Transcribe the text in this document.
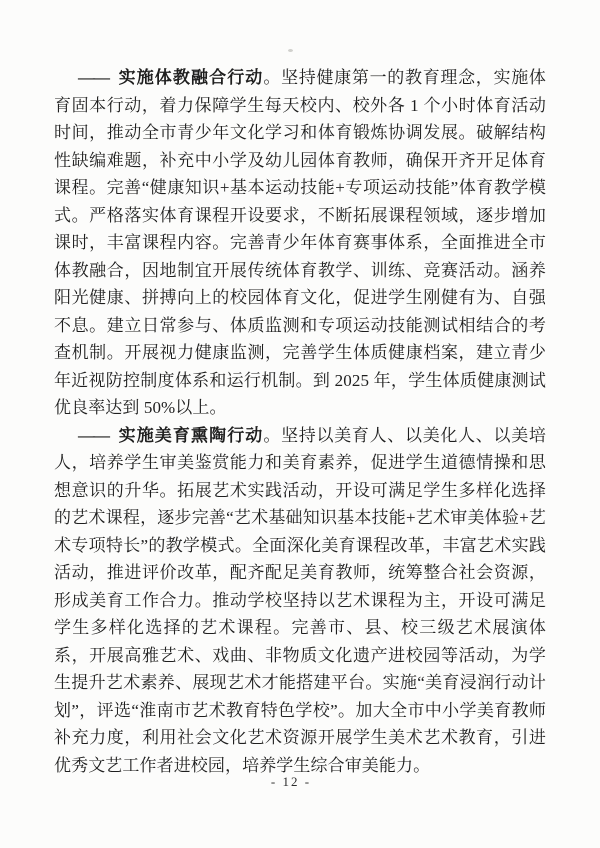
—— 实施体教融合行动。坚持健康第一的教育理念，实施体育固本行动，着力保障学生每天校内、校外各 1 个小时体育活动时间，推动全市青少年文化学习和体育锻炼协调发展。破解结构性缺编难题，补充中小学及幼儿园体育教师，确保开齐开足体育课程。完善“健康知识+基本运动技能+专项运动技能”体育教学模式。严格落实体育课程开设要求，不断拓展课程领域，逐步增加课时，丰富课程内容。完善青少年体育赛事体系，全面推进全市体教融合，因地制宜开展传统体育教学、训练、竞赛活动。涵养阳光健康、拼搏向上的校园体育文化，促进学生刚健有为、自强不息。建立日常参与、体质监测和专项运动技能测试相结合的考查机制。开展视力健康监测，完善学生体质健康档案，建立青少年近视防控制度体系和运行机制。到 2025 年，学生体质健康测试优良率达到 50%以上。

—— 实施美育熏陶行动。坚持以美育人、以美化人、以美培人，培养学生审美鉴赏能力和美育素养，促进学生道德情操和思想意识的升华。拓展艺术实践活动，开设可满足学生多样化选择的艺术课程，逐步完善“艺术基础知识基本技能+艺术审美体验+艺术专项特长”的教学模式。全面深化美育课程改革，丰富艺术实践活动，推进评价改革，配齐配足美育教师，统筹整合社会资源，形成美育工作合力。推动学校坚持以艺术课程为主，开设可满足学生多样化选择的艺术课程。完善市、县、校三级艺术展演体系，开展高雅艺术、戏曲、非物质文化遗产进校园等活动，为学生提升艺术素养、展现艺术才能搭建平台。实施“美育浸润行动计划”，评选“淮南市艺术教育特色学校”。加大全市中小学美育教师补充力度，利用社会文化艺术资源开展学生美术艺术教育，引进优秀文艺工作者进校园，培养学生综合审美能力。

- 12 -
